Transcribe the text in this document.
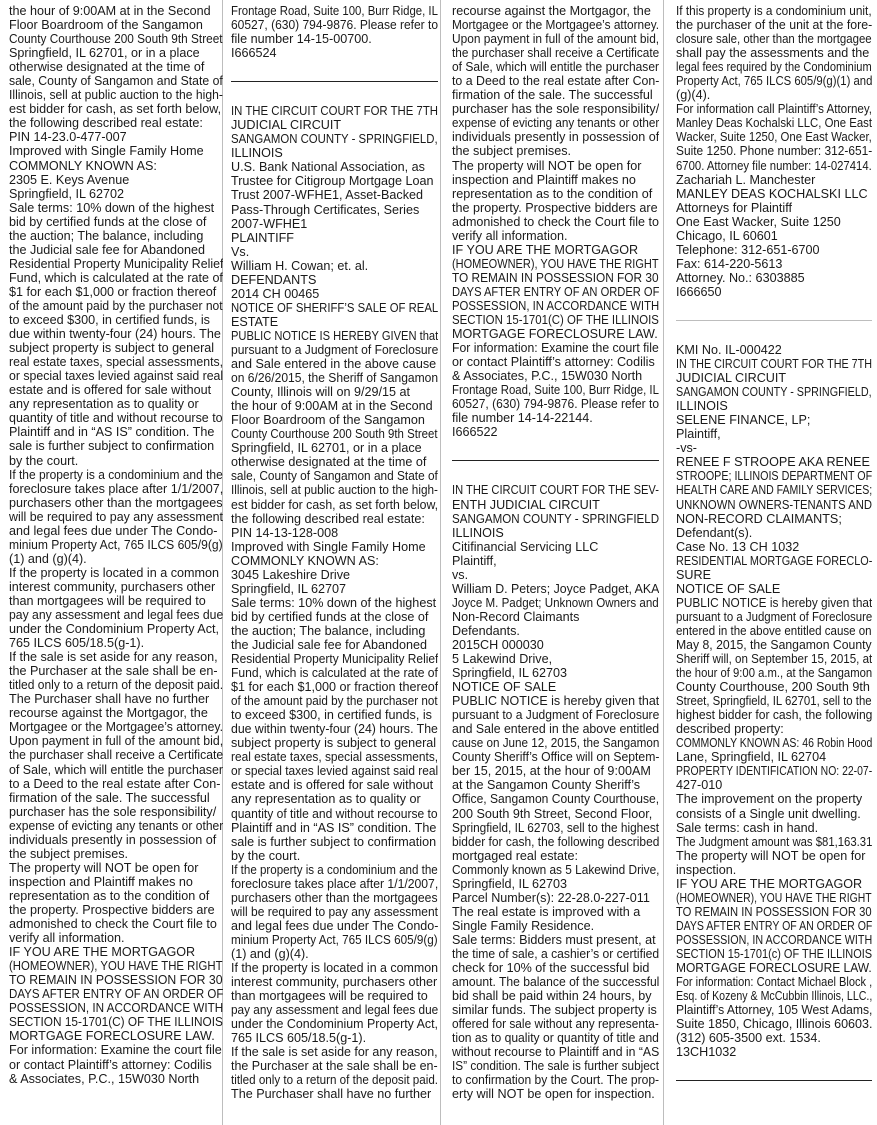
the hour of 9:00AM at in the Second
Floor Boardroom of the Sangamon
County Courthouse 200 South 9th Street
Springfield, IL 62701, or in a place
otherwise designated at the time of
sale, County of Sangamon and State of
Illinois, sell at public auction to the high-
est bidder for cash, as set forth below,
the following described real estate:
PIN 14-23.0-477-007
Improved with Single Family Home
COMMONLY KNOWN AS:
2305 E. Keys Avenue
Springfield, IL 62702
Sale terms: 10% down of the highest
bid by certified funds at the close of
the auction; The balance, including
the Judicial sale fee for Abandoned
Residential Property Municipality Relief
Fund, which is calculated at the rate of
$1 for each $1,000 or fraction thereof
of the amount paid by the purchaser not
to exceed $300, in certified funds, is
due within twenty-four (24) hours. The
subject property is subject to general
real estate taxes, special assessments,
or special taxes levied against said real
estate and is offered for sale without
any representation as to quality or
quantity of title and without recourse to
Plaintiff and in “AS IS” condition. The
sale is further subject to confirmation
by the court.
If the property is a condominium and the
foreclosure takes place after 1/1/2007,
purchasers other than the mortgagees
will be required to pay any assessment
and legal fees due under The Condo-
minium Property Act, 765 ILCS 605/9(g)
(1) and (g)(4).
If the property is located in a common
interest community, purchasers other
than mortgagees will be required to
pay any assessment and legal fees due
under the Condominium Property Act,
765 ILCS 605/18.5(g-1).
If the sale is set aside for any reason,
the Purchaser at the sale shall be en-
titled only to a return of the deposit paid.
The Purchaser shall have no further
recourse against the Mortgagor, the
Mortgagee or the Mortgagee’s attorney.
Upon payment in full of the amount bid,
the purchaser shall receive a Certificate
of Sale, which will entitle the purchaser
to a Deed to the real estate after Con-
firmation of the sale. The successful
purchaser has the sole responsibility/
expense of evicting any tenants or other
individuals presently in possession of
the subject premises.
The property will NOT be open for
inspection and Plaintiff makes no
representation as to the condition of
the property. Prospective bidders are
admonished to check the Court file to
verify all information.
IF YOU ARE THE MORTGAGOR
(HOMEOWNER), YOU HAVE THE RIGHT
TO REMAIN IN POSSESSION FOR 30
DAYS AFTER ENTRY OF AN ORDER OF
POSSESSION, IN ACCORDANCE WITH
SECTION 15-1701(C) OF THE ILLINOIS
MORTGAGE FORECLOSURE LAW.
For information: Examine the court file
or contact Plaintiff’s attorney: Codilis
& Associates, P.C., 15W030 North
Frontage Road, Suite 100, Burr Ridge, IL
60527, (630) 794-9876. Please refer to
file number 14-15-00700.
I666524
IN THE CIRCUIT COURT FOR THE 7TH
JUDICIAL CIRCUIT
SANGAMON COUNTY - SPRINGFIELD,
ILLINOIS
U.S. Bank National Association, as
Trustee for Citigroup Mortgage Loan
Trust 2007-WFHE1, Asset-Backed
Pass-Through Certificates, Series
2007-WFHE1
PLAINTIFF
Vs.
William H. Cowan; et. al.
DEFENDANTS
2014 CH 00465
NOTICE OF SHERIFF’S SALE OF REAL
ESTATE
PUBLIC NOTICE IS HEREBY GIVEN that
pursuant to a Judgment of Foreclosure
and Sale entered in the above cause
on 6/26/2015, the Sheriff of Sangamon
County, Illinois will on 9/29/15 at
the hour of 9:00AM at in the Second
Floor Boardroom of the Sangamon
County Courthouse 200 South 9th Street
Springfield, IL 62701, or in a place
otherwise designated at the time of
sale, County of Sangamon and State of
Illinois, sell at public auction to the high-
est bidder for cash, as set forth below,
the following described real estate:
PIN 14-13-128-008
Improved with Single Family Home
COMMONLY KNOWN AS:
3045 Lakeshire Drive
Springfield, IL 62707
Sale terms: 10% down of the highest
bid by certified funds at the close of
the auction; The balance, including
the Judicial sale fee for Abandoned
Residential Property Municipality Relief
Fund, which is calculated at the rate of
$1 for each $1,000 or fraction thereof
of the amount paid by the purchaser not
to exceed $300, in certified funds, is
due within twenty-four (24) hours. The
subject property is subject to general
real estate taxes, special assessments,
or special taxes levied against said real
estate and is offered for sale without
any representation as to quality or
quantity of title and without recourse to
Plaintiff and in “AS IS” condition. The
sale is further subject to confirmation
by the court.
If the property is a condominium and the
foreclosure takes place after 1/1/2007,
purchasers other than the mortgagees
will be required to pay any assessment
and legal fees due under The Condo-
minium Property Act, 765 ILCS 605/9(g)
(1) and (g)(4).
If the property is located in a common
interest community, purchasers other
than mortgagees will be required to
pay any assessment and legal fees due
under the Condominium Property Act,
765 ILCS 605/18.5(g-1).
If the sale is set aside for any reason,
the Purchaser at the sale shall be en-
titled only to a return of the deposit paid.
The Purchaser shall have no further
recourse against the Mortgagor, the
Mortgagee or the Mortgagee’s attorney.
Upon payment in full of the amount bid,
the purchaser shall receive a Certificate
of Sale, which will entitle the purchaser
to a Deed to the real estate after Con-
firmation of the sale. The successful
purchaser has the sole responsibility/
expense of evicting any tenants or other
individuals presently in possession of
the subject premises.
The property will NOT be open for
inspection and Plaintiff makes no
representation as to the condition of
the property. Prospective bidders are
admonished to check the Court file to
verify all information.
IF YOU ARE THE MORTGAGOR
(HOMEOWNER), YOU HAVE THE RIGHT
TO REMAIN IN POSSESSION FOR 30
DAYS AFTER ENTRY OF AN ORDER OF
POSSESSION, IN ACCORDANCE WITH
SECTION 15-1701(C) OF THE ILLINOIS
MORTGAGE FORECLOSURE LAW.
For information: Examine the court file
or contact Plaintiff’s attorney: Codilis
& Associates, P.C., 15W030 North
Frontage Road, Suite 100, Burr Ridge, IL
60527, (630) 794-9876. Please refer to
file number 14-14-22144.
I666522
IN THE CIRCUIT COURT FOR THE SEV-
ENTH JUDICIAL CIRCUIT
SANGAMON COUNTY - SPRINGFIELD
ILLINOIS
Citifinancial Servicing LLC
Plaintiff,
vs.
William D. Peters; Joyce Padget, AKA
Joyce M. Padget; Unknown Owners and
Non-Record Claimants
Defendants.
2015CH 000030
5 Lakewind Drive,
Springfield, IL 62703
NOTICE OF SALE
PUBLIC NOTICE is hereby given that
pursuant to a Judgment of Foreclosure
and Sale entered in the above entitled
cause on June 12, 2015, the Sangamon
County Sheriff’s Office will on Septem-
ber 15, 2015, at the hour of 9:00AM
at the Sangamon County Sheriff’s
Office, Sangamon County Courthouse,
200 South 9th Street, Second Floor,
Springfield, IL 62703, sell to the highest
bidder for cash, the following described
mortgaged real estate:
Commonly known as 5 Lakewind Drive,
Springfield, IL 62703
Parcel Number(s): 22-28.0-227-011
The real estate is improved with a
Single Family Residence.
Sale terms: Bidders must present, at
the time of sale, a cashier’s or certified
check for 10% of the successful bid
amount. The balance of the successful
bid shall be paid within 24 hours, by
similar funds. The subject property is
offered for sale without any representa-
tion as to quality or quantity of title and
without recourse to Plaintiff and in “AS
IS” condition. The sale is further subject
to confirmation by the Court. The prop-
erty will NOT be open for inspection.
If this property is a condominium unit,
the purchaser of the unit at the fore-
closure sale, other than the mortgagee
shall pay the assessments and the
legal fees required by the Condominium
Property Act, 765 ILCS 605/9(g)(1) and
(g)(4).
For information call Plaintiff’s Attorney,
Manley Deas Kochalski LLC, One East
Wacker, Suite 1250, One East Wacker,
Suite 1250. Phone number: 312-651-
6700. Attorney file number: 14-027414.
Zachariah L. Manchester
MANLEY DEAS KOCHALSKI LLC
Attorneys for Plaintiff
One East Wacker, Suite 1250
Chicago, IL 60601
Telephone: 312-651-6700
Fax: 614-220-5613
Attorney. No.: 6303885
I666650
KMI No. IL-000422
IN THE CIRCUIT COURT FOR THE 7TH
JUDICIAL CIRCUIT
SANGAMON COUNTY - SPRINGFIELD,
ILLINOIS
SELENE FINANCE, LP;
Plaintiff,
-vs-
RENEE F STROOPE AKA RENEE
STROOPE; ILLINOIS DEPARTMENT OF
HEALTH CARE AND FAMILY SERVICES;
UNKNOWN OWNERS-TENANTS AND
NON-RECORD CLAIMANTS;
Defendant(s).
Case No. 13 CH 1032
RESIDENTIAL MORTGAGE FORECLO-
SURE
NOTICE OF SALE
PUBLIC NOTICE is hereby given that
pursuant to a Judgment of Foreclosure
entered in the above entitled cause on
May 8, 2015, the Sangamon County
Sheriff will, on September 15, 2015, at
the hour of 9:00 a.m., at the Sangamon
County Courthouse, 200 South 9th
Street, Springfield, IL 62701, sell to the
highest bidder for cash, the following
described property:
COMMONLY KNOWN AS: 46 Robin Hood
Lane, Springfield, IL 62704
PROPERTY IDENTIFICATION NO: 22-07-
427-010
The improvement on the property
consists of a Single unit dwelling.
Sale terms: cash in hand.
The Judgment amount was $81,163.31
The property will NOT be open for
inspection.
IF YOU ARE THE MORTGAGOR
(HOMEOWNER), YOU HAVE THE RIGHT
TO REMAIN IN POSSESSION FOR 30
DAYS AFTER ENTRY OF AN ORDER OF
POSSESSION, IN ACCORDANCE WITH
SECTION 15-1701(c) OF THE ILLINOIS
MORTGAGE FORECLOSURE LAW.
For information: Contact Michael Block ,
Esq. of Kozeny & McCubbin Illinois, LLC.,
Plaintiff’s Attorney, 105 West Adams,
Suite 1850, Chicago, Illinois 60603.
(312) 605-3500 ext. 1534.
13CH1032
